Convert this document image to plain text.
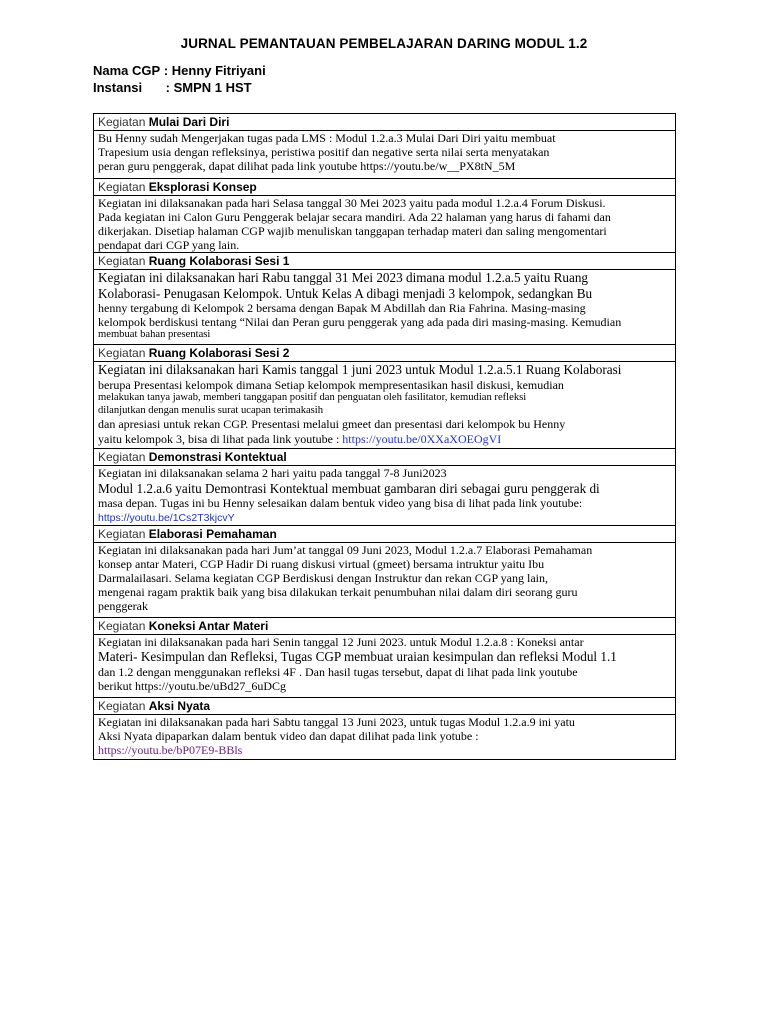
JURNAL PEMANTAUAN PEMBELAJARAN DARING MODUL 1.2
Nama CGP : Henny Fitriyani
Instansi : SMPN 1 HST
Kegiatan Mulai Dari Diri

Bu Henny sudah Mengerjakan tugas pada LMS : Modul 1.2.a.3 Mulai Dari Diri yaitu membuat
Trapesium usia dengan refleksinya, peristiwa positif dan negative serta nilai serta menyatakan
peran guru penggerak, dapat dilihat pada link youtube https://youtu.be/w__PX8tN_5M

Kegiatan Eksplorasi Konsep

Kegiatan ini dilaksanakan pada hari Selasa tanggal 30 Mei 2023 yaitu pada modul 1.2.a.4 Forum Diskusi.
Pada kegiatan ini Calon Guru Penggerak belajar secara mandiri. Ada 22 halaman yang harus di fahami dan
dikerjakan. Disetiap halaman CGP wajib menuliskan tanggapan terhadap materi dan saling mengomentari
pendapat dari CGP yang lain.

Kegiatan Ruang Kolaborasi Sesi 1

Kegiatan ini dilaksanakan hari Rabu tanggal 31 Mei 2023 dimana modul 1.2.a.5 yaitu Ruang
Kolaborasi- Penugasan Kelompok. Untuk Kelas A dibagi menjadi 3 kelompok, sedangkan Bu
henny tergabung di Kelompok 2 bersama dengan Bapak M Abdillah dan Ria Fahrina. Masing-masing
kelompok berdiskusi tentang “Nilai dan Peran guru penggerak yang ada pada diri masing-masing. Kemudian
membuat bahan presentasi

Kegiatan Ruang Kolaborasi Sesi 2

Kegiatan ini dilaksanakan hari Kamis tanggal 1 juni 2023 untuk Modul 1.2.a.5.1 Ruang Kolaborasi
berupa Presentasi kelompok dimana Setiap kelompok mempresentasikan hasil diskusi, kemudian
melakukan tanya jawab, memberi tanggapan positif dan penguatan oleh fasilitator, kemudian refleksi
dilanjutkan dengan menulis surat ucapan terimakasih
dan apresiasi untuk rekan CGP. Presentasi melalui gmeet dan presentasi dari kelompok bu Henny
yaitu kelompok 3, bisa di lihat pada link youtube : https://youtu.be/0XXaXOEOgVI

Kegiatan Demonstrasi Kontektual

Kegiatan ini dilaksanakan selama 2 hari yaitu pada tanggal 7-8 Juni2023
Modul 1.2.a.6 yaitu Demontrasi Kontektual membuat gambaran diri sebagai guru penggerak di
masa depan. Tugas ini bu Henny selesaikan dalam bentuk video yang bisa di lihat pada link youtube:
https://youtu.be/1Cs2T3kjcvY

Kegiatan Elaborasi Pemahaman

Kegiatan ini dilaksanakan pada hari Jum’at tanggal 09 Juni 2023, Modul 1.2.a.7 Elaborasi Pemahaman
konsep antar Materi, CGP Hadir Di ruang diskusi virtual (gmeet) bersama intruktur yaitu Ibu
Darmalailasari. Selama kegiatan CGP Berdiskusi dengan Instruktur dan rekan CGP yang lain,
mengenai ragam praktik baik yang bisa dilakukan terkait penumbuhan nilai dalam diri seorang guru
penggerak

Kegiatan Koneksi Antar Materi

Kegiatan ini dilaksanakan pada hari Senin tanggal 12 Juni 2023. untuk Modul 1.2.a.8 : Koneksi antar
Materi- Kesimpulan dan Refleksi, Tugas CGP membuat uraian kesimpulan dan refleksi Modul 1.1
dan 1.2 dengan menggunakan refleksi 4F . Dan hasil tugas tersebut, dapat di lihat pada link youtube
berikut https://youtu.be/uBd27_6uDCg

Kegiatan Aksi Nyata

Kegiatan ini dilaksanakan pada hari Sabtu tanggal 13 Juni 2023, untuk tugas Modul 1.2.a.9 ini yatu
Aksi Nyata dipaparkan dalam bentuk video dan dapat dilihat pada link yotube :
https://youtu.be/bP07E9-BBls
